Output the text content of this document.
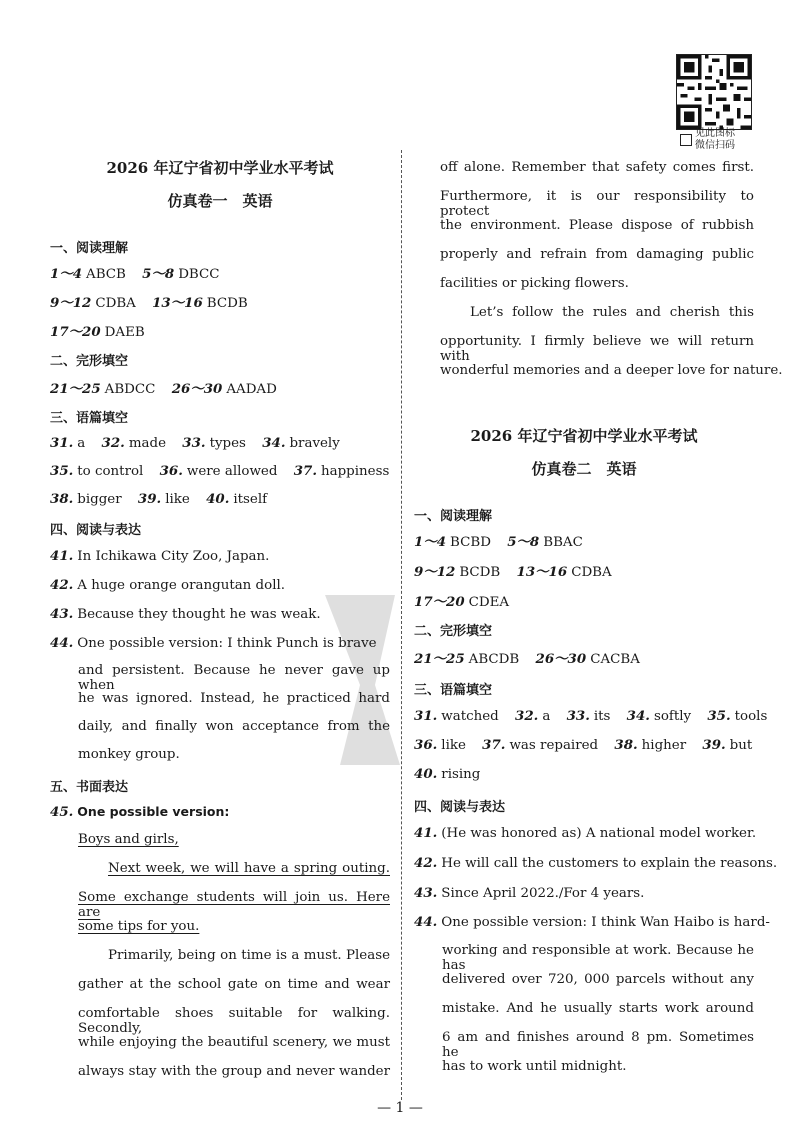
见此图标
微信扫码
2026 年辽宁省初中学业水平考试
仿真卷一　英语
一、阅读理解
1～4 ABCB 5～8 DBCC
9～12 CDBA 13～16 BCDB
17～20 DAEB
二、完形填空
21～25 ABDCC 26～30 AADAD
三、语篇填空
31. a 32. made 33. types 34. bravely
35. to control 36. were allowed 37. happiness
38. bigger 39. like 40. itself
四、阅读与表达
41. In Ichikawa City Zoo, Japan.
42. A huge orange orangutan doll.
43. Because they thought he was weak.
44. One possible version: I think Punch is brave
and persistent. Because he never gave up when
he was ignored. Instead, he practiced hard
daily, and finally won acceptance from the
monkey group.
五、书面表达
45. One possible version:
Boys and girls,
Next week, we will have a spring outing.
Some exchange students will join us. Here are
some tips for you.
Primarily, being on time is a must. Please
gather at the school gate on time and wear
comfortable shoes suitable for walking. Secondly,
while enjoying the beautiful scenery, we must
always stay with the group and never wander
off alone. Remember that safety comes first.
Furthermore, it is our responsibility to protect
the environment. Please dispose of rubbish
properly and refrain from damaging public
facilities or picking flowers.
Let’s follow the rules and cherish this
opportunity. I firmly believe we will return with
wonderful memories and a deeper love for nature.
2026 年辽宁省初中学业水平考试
仿真卷二　英语
一、阅读理解
1～4 BCBD 5～8 BBAC
9～12 BCDB 13～16 CDBA
17～20 CDEA
二、完形填空
21～25 ABCDB 26～30 CACBA
三、语篇填空
31. watched 32. a 33. its 34. softly 35. tools
36. like 37. was repaired 38. higher 39. but
40. rising
四、阅读与表达
41. (He was honored as) A national model worker.
42. He will call the customers to explain the reasons.
43. Since April 2022./For 4 years.
44. One possible version: I think Wan Haibo is hard-
working and responsible at work. Because he has
delivered over 720, 000 parcels without any
mistake. And he usually starts work around
6 am and finishes around 8 pm. Sometimes he
has to work until midnight.
— 1 —
